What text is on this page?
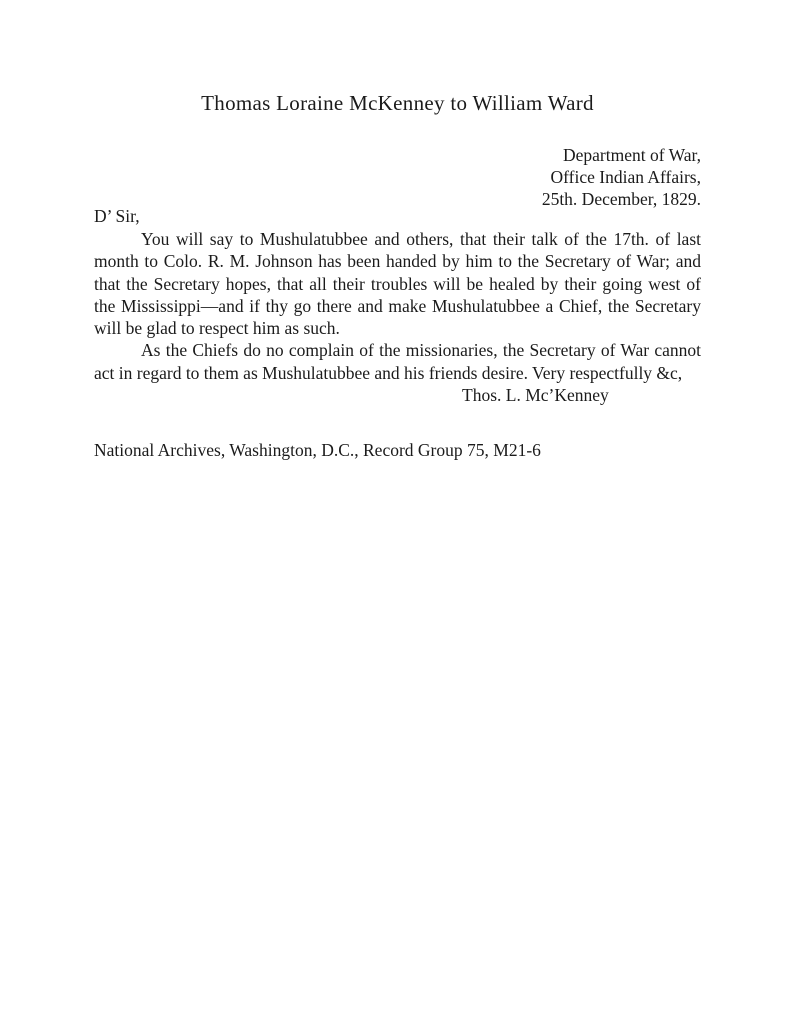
Thomas Loraine McKenney to William Ward
Department of War,
Office Indian Affairs,
25th. December, 1829.
D’ Sir,

You will say to Mushulatubbee and others, that their talk of the 17th. of last month to Colo. R. M. Johnson has been handed by him to the Secretary of War; and that the Secretary hopes, that all their troubles will be healed by their going west of the Mississippi—and if thy go there and make Mushulatubbee a Chief, the Secretary will be glad to respect him as such.

As the Chiefs do no complain of the missionaries, the Secretary of War cannot act in regard to them as Mushulatubbee and his friends desire. Very respectfully &c,

Thos. L. Mc’Kenney
National Archives, Washington, D.C., Record Group 75, M21-6
